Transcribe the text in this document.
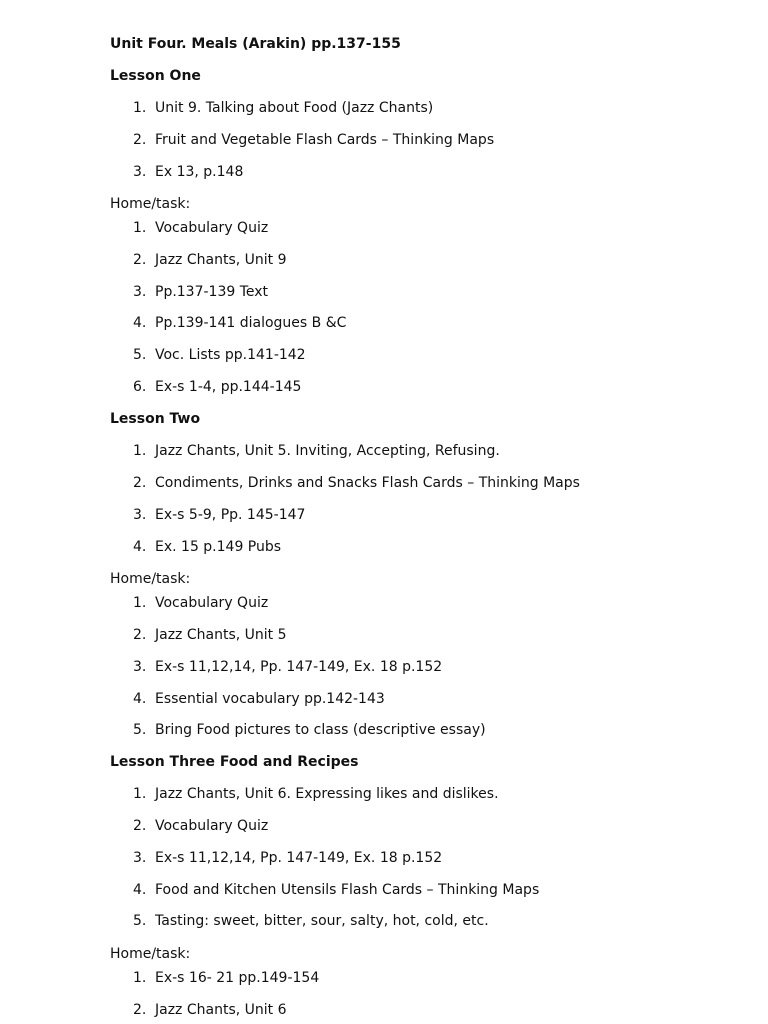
Unit Four. Meals (Arakin) pp.137-155
Lesson One
1. Unit 9. Talking about Food (Jazz Chants)
2. Fruit and Vegetable Flash Cards – Thinking Maps
3. Ex 13, p.148
Home/task:
1. Vocabulary Quiz
2. Jazz Chants, Unit 9
3. Pp.137-139 Text
4. Pp.139-141 dialogues B &C
5. Voc. Lists pp.141-142
6. Ex-s 1-4, pp.144-145
Lesson Two
1. Jazz Chants, Unit 5. Inviting, Accepting, Refusing.
2. Condiments, Drinks and Snacks Flash Cards – Thinking Maps
3. Ex-s 5-9, Pp. 145-147
4. Ex. 15 p.149 Pubs
Home/task:
1. Vocabulary Quiz
2. Jazz Chants, Unit 5
3. Ex-s 11,12,14, Pp. 147-149, Ex. 18 p.152
4. Essential vocabulary pp.142-143
5. Bring Food pictures to class (descriptive essay)
Lesson Three Food and Recipes
1. Jazz Chants, Unit 6. Expressing likes and dislikes.
2. Vocabulary Quiz
3. Ex-s 11,12,14, Pp. 147-149, Ex. 18 p.152
4. Food and Kitchen Utensils Flash Cards – Thinking Maps
5. Tasting: sweet, bitter, sour, salty, hot, cold, etc.
Home/task:
1. Ex-s 16- 21 pp.149-154
2. Jazz Chants, Unit 6
